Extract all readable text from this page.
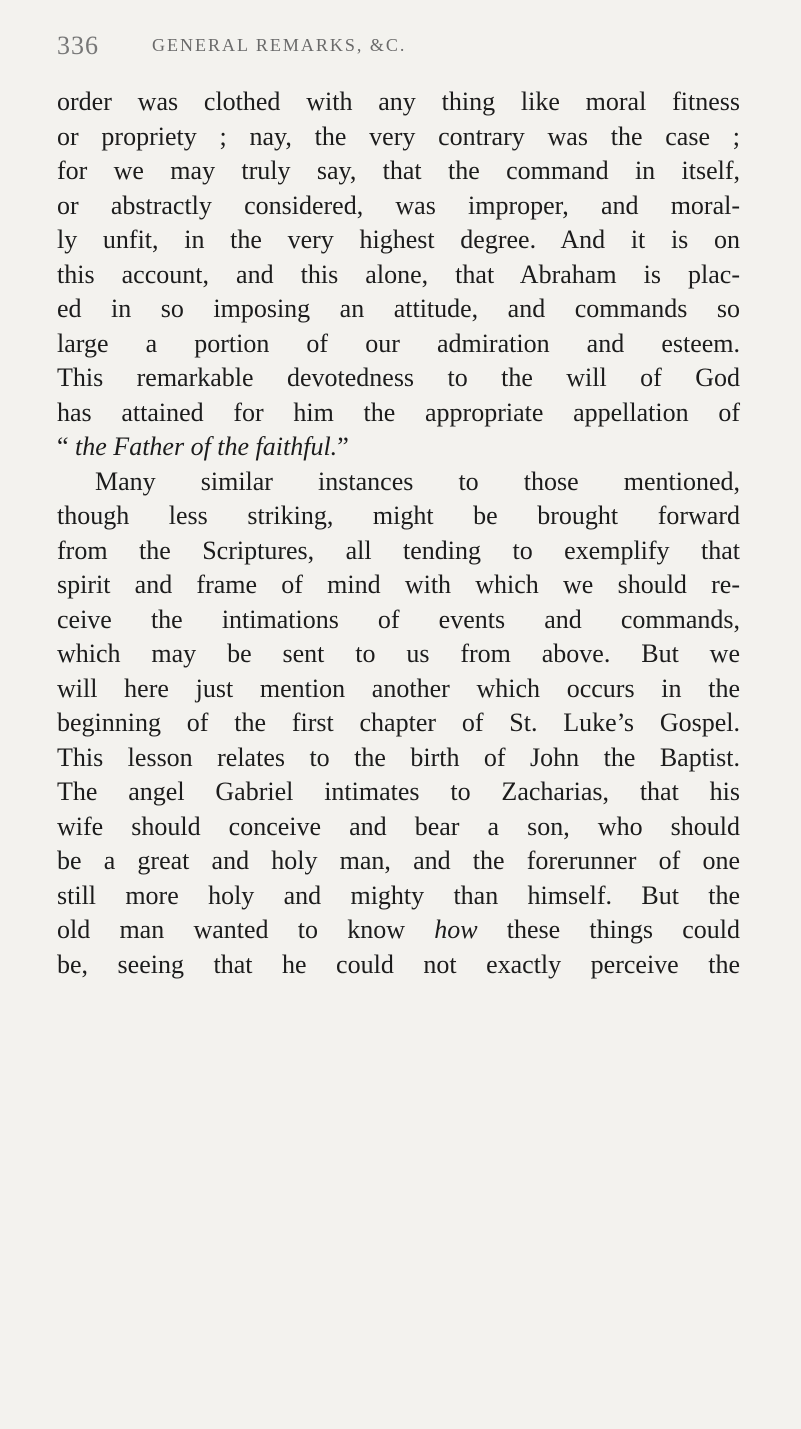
336	GENERAL REMARKS, &C.
order was clothed with any thing like moral fitness
or propriety ; nay, the very contrary was the case ;
for we may truly say, that the command in itself,
or abstractly considered, was improper, and moral-
ly unfit, in the very highest degree. And it is on
this account, and this alone, that Abraham is plac-
ed in so imposing an attitude, and commands so
large a portion of our admiration and esteem.
This remarkable devotedness to the will of God
has attained for him the appropriate appellation of
“ the Father of the faithful.”
Many similar instances to those mentioned,
though less striking, might be brought forward
from the Scriptures, all tending to exemplify that
spirit and frame of mind with which we should re-
ceive the intimations of events and commands,
which may be sent to us from above. But we
will here just mention another which occurs in the
beginning of the first chapter of St. Luke’s Gospel.
This lesson relates to the birth of John the Baptist.
The angel Gabriel intimates to Zacharias, that his
wife should conceive and bear a son, who should
be a great and holy man, and the forerunner of one
still more holy and mighty than himself. But the
old man wanted to know how these things could
be, seeing that he could not exactly perceive the
